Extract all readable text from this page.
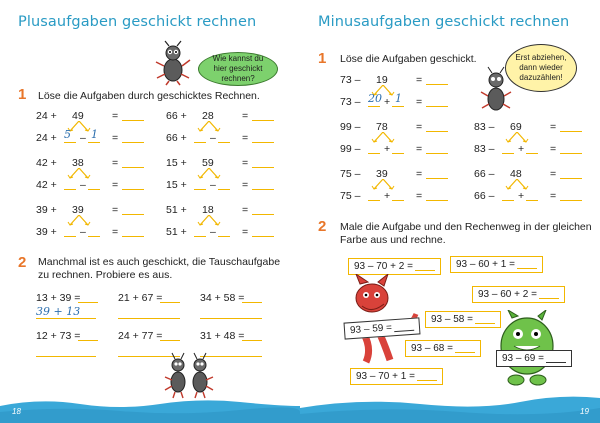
Plusaufgaben geschickt rechnen
Wie kannst du hier geschickt rechnen?
1 Löse die Aufgaben durch geschicktes Rechnen.
24 + 49	=
24 + 5 – 1 =
66 + 28	=
66 + – =
42 + 38	=
42 + – =
15 + 59	=
15 + – =
39 + 39	=
39 + – =
51 + 18	=
51 + – =
2 Manchmal ist es auch geschickt, die Tauschaufgabe
zu rechnen. Probiere es aus.
13 + 39 =	21 + 67 =	34 + 58 =
39 + 13
12 + 73 =	24 + 77 =	31 + 48 =
Minusaufgaben geschickt rechnen
1 Löse die Aufgaben geschickt.	Erst abziehen, dann wieder dazuzählen!
73 – 19	=
73 – 20 + 1 =
99 – 78	=
99 – + =
83 – 69	=
83 – + =
75 – 39	=
75 – + =
66 – 48	=
66 – + =
2 Male die Aufgabe und den Rechenweg in der gleichen
Farbe aus und rechne.
93 – 70 + 2 =	93 – 60 + 1 =
93 – 60 + 2 =
93 – 58 =
93 – 68 =
93 – 70 + 1 =
93 – 59 =
93 – 69 =
18	19
